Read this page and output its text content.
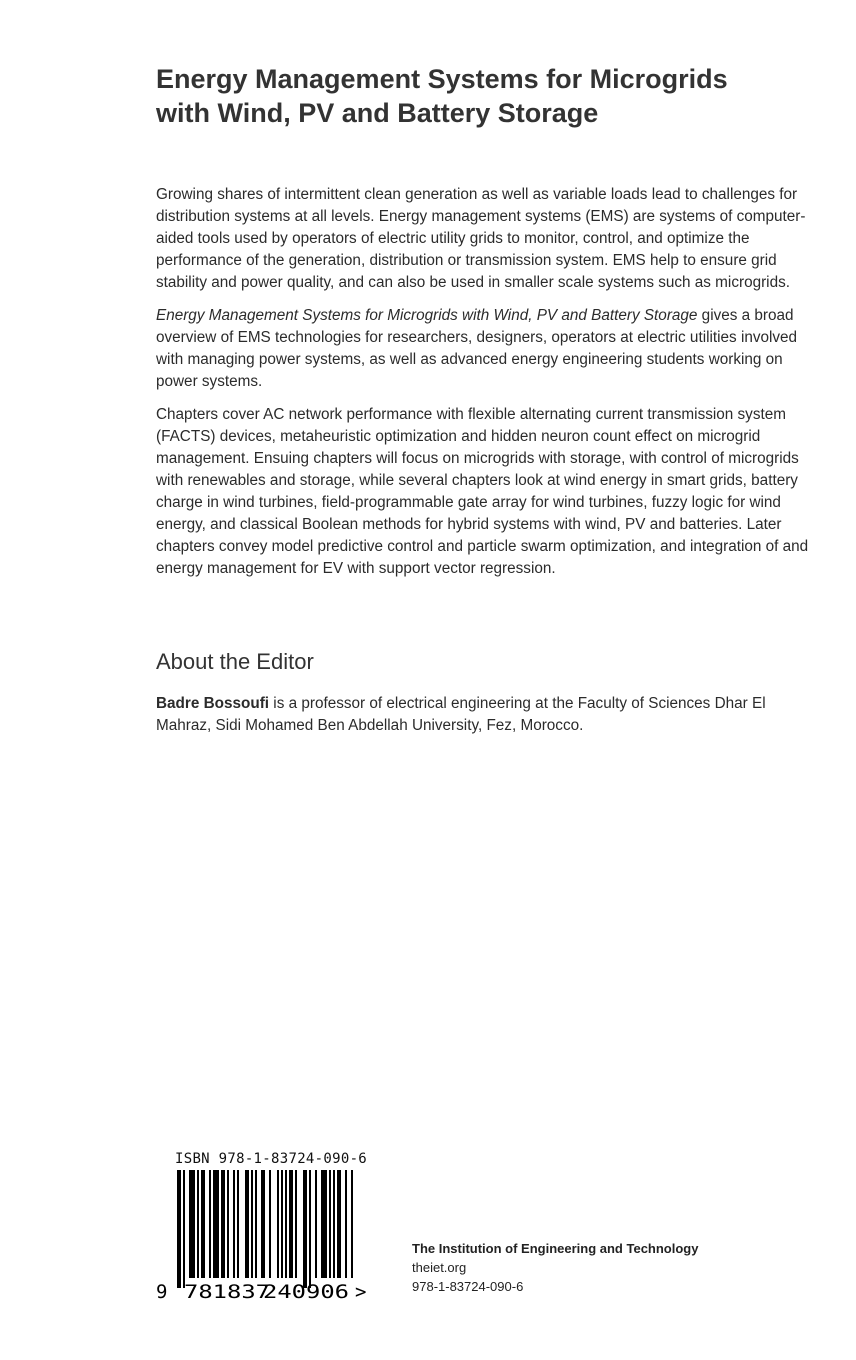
Energy Management Systems for Microgrids
with Wind, PV and Battery Storage

Growing shares of intermittent clean generation as well as variable loads lead to challenges for distribution systems at all levels. Energy management systems (EMS) are systems of computer-aided tools used by operators of electric utility grids to monitor, control, and optimize the performance of the generation, distribution or transmission system. EMS help to ensure grid stability and power quality, and can also be used in smaller scale systems such as microgrids.

Energy Management Systems for Microgrids with Wind, PV and Battery Storage gives a broad overview of EMS technologies for researchers, designers, operators at electric utilities involved with managing power systems, as well as advanced energy engineering students working on power systems.

Chapters cover AC network performance with flexible alternating current transmission system (FACTS) devices, metaheuristic optimization and hidden neuron count effect on microgrid management. Ensuing chapters will focus on microgrids with storage, with control of microgrids with renewables and storage, while several chapters look at wind energy in smart grids, battery charge in wind turbines, field-programmable gate array for wind turbines, fuzzy logic for wind energy, and classical Boolean methods for hybrid systems with wind, PV and batteries. Later chapters convey model predictive control and particle swarm optimization, and integration of and energy management for EV with support vector regression.

About the Editor

Badre Bossoufi is a professor of electrical engineering at the Faculty of Sciences Dhar El Mahraz, Sidi Mohamed Ben Abdellah University, Fez, Morocco.

ISBN 978-1-83724-090-6
9 781837
240906 >
The Institution of Engineering and Technology
theiet.org
978-1-83724-090-6
